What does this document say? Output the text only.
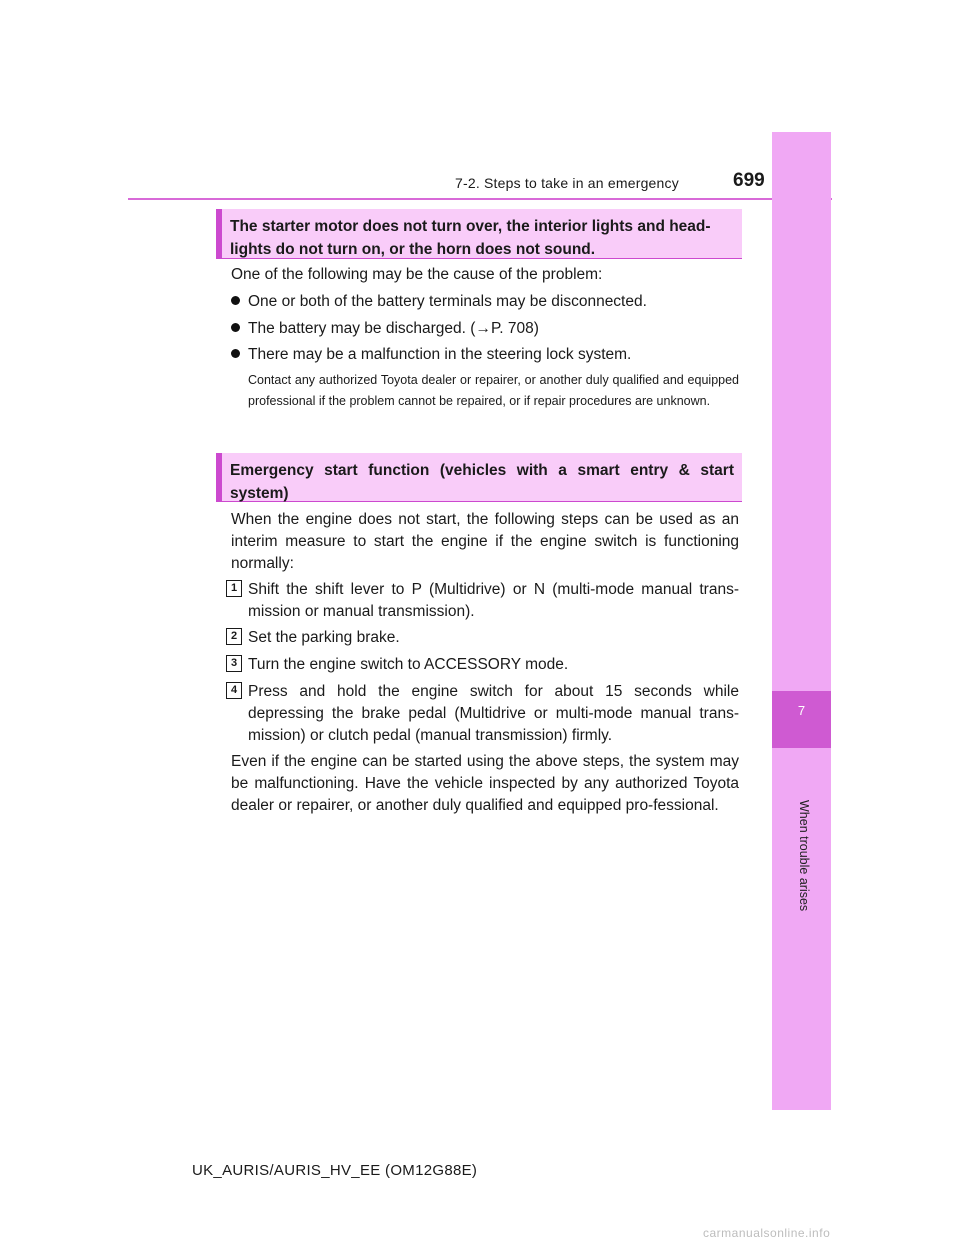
7-2. Steps to take in an emergency	699
7
When trouble arises
The starter motor does not turn over, the interior lights and head-
lights do not turn on, or the horn does not sound.
One of the following may be the cause of the problem:
One or both of the battery terminals may be disconnected.
The battery may be discharged. (→P. 708)
There may be a malfunction in the steering lock system.
Contact any authorized Toyota dealer or repairer, or another duly qualified and equipped professional if the problem cannot be repaired, or if repair procedures are unknown.
Emergency start function (vehicles with a smart entry & start
system)
When the engine does not start, the following steps can be used as an interim measure to start the engine if the engine switch is functioning normally:
1 Shift the shift lever to P (Multidrive) or N (multi-mode manual trans-mission or manual transmission).
2 Set the parking brake.
3 Turn the engine switch to ACCESSORY mode.
4 Press and hold the engine switch for about 15 seconds while depressing the brake pedal (Multidrive or multi-mode manual trans-mission) or clutch pedal (manual transmission) firmly.
Even if the engine can be started using the above steps, the system may be malfunctioning. Have the vehicle inspected by any authorized Toyota dealer or repairer, or another duly qualified and equipped pro-fessional.
UK_AURIS/AURIS_HV_EE (OM12G88E)
carmanualsonline.info
